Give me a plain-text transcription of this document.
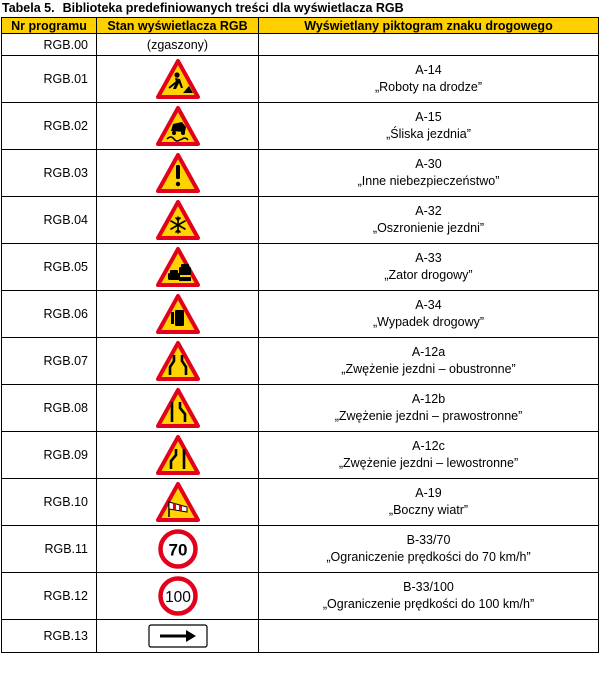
Tabela 5. Biblioteka predefiniowanych treści dla wyświetlacza RGB
Nr programu	Stan wyświetlacza RGB	Wyświetlany piktogram znaku drogowego
RGB.00	(zgaszony)	
RGB.01		A-14
„Roboty na drodze”

RGB.02		A-15
„Śliska jezdnia”

RGB.03		A-30
„Inne niebezpieczeństwo”

RGB.04		A-32
„Oszronienie jezdni”

RGB.05		A-33
„Zator drogowy”

RGB.06		A-34
„Wypadek drogowy”

RGB.07		A-12a
„Zwężenie jezdni – obustronne”

RGB.08		A-12b
„Zwężenie jezdni – prawostronne”

RGB.09		A-12c
„Zwężenie jezdni – lewostronne”

RGB.10		A-19
„Boczny wiatr”

RGB.11	70	B-33/70
„Ograniczenie prędkości do 70 km/h”

RGB.12	100	B-33/100
„Ograniczenie prędkości do 100 km/h”

RGB.13	
